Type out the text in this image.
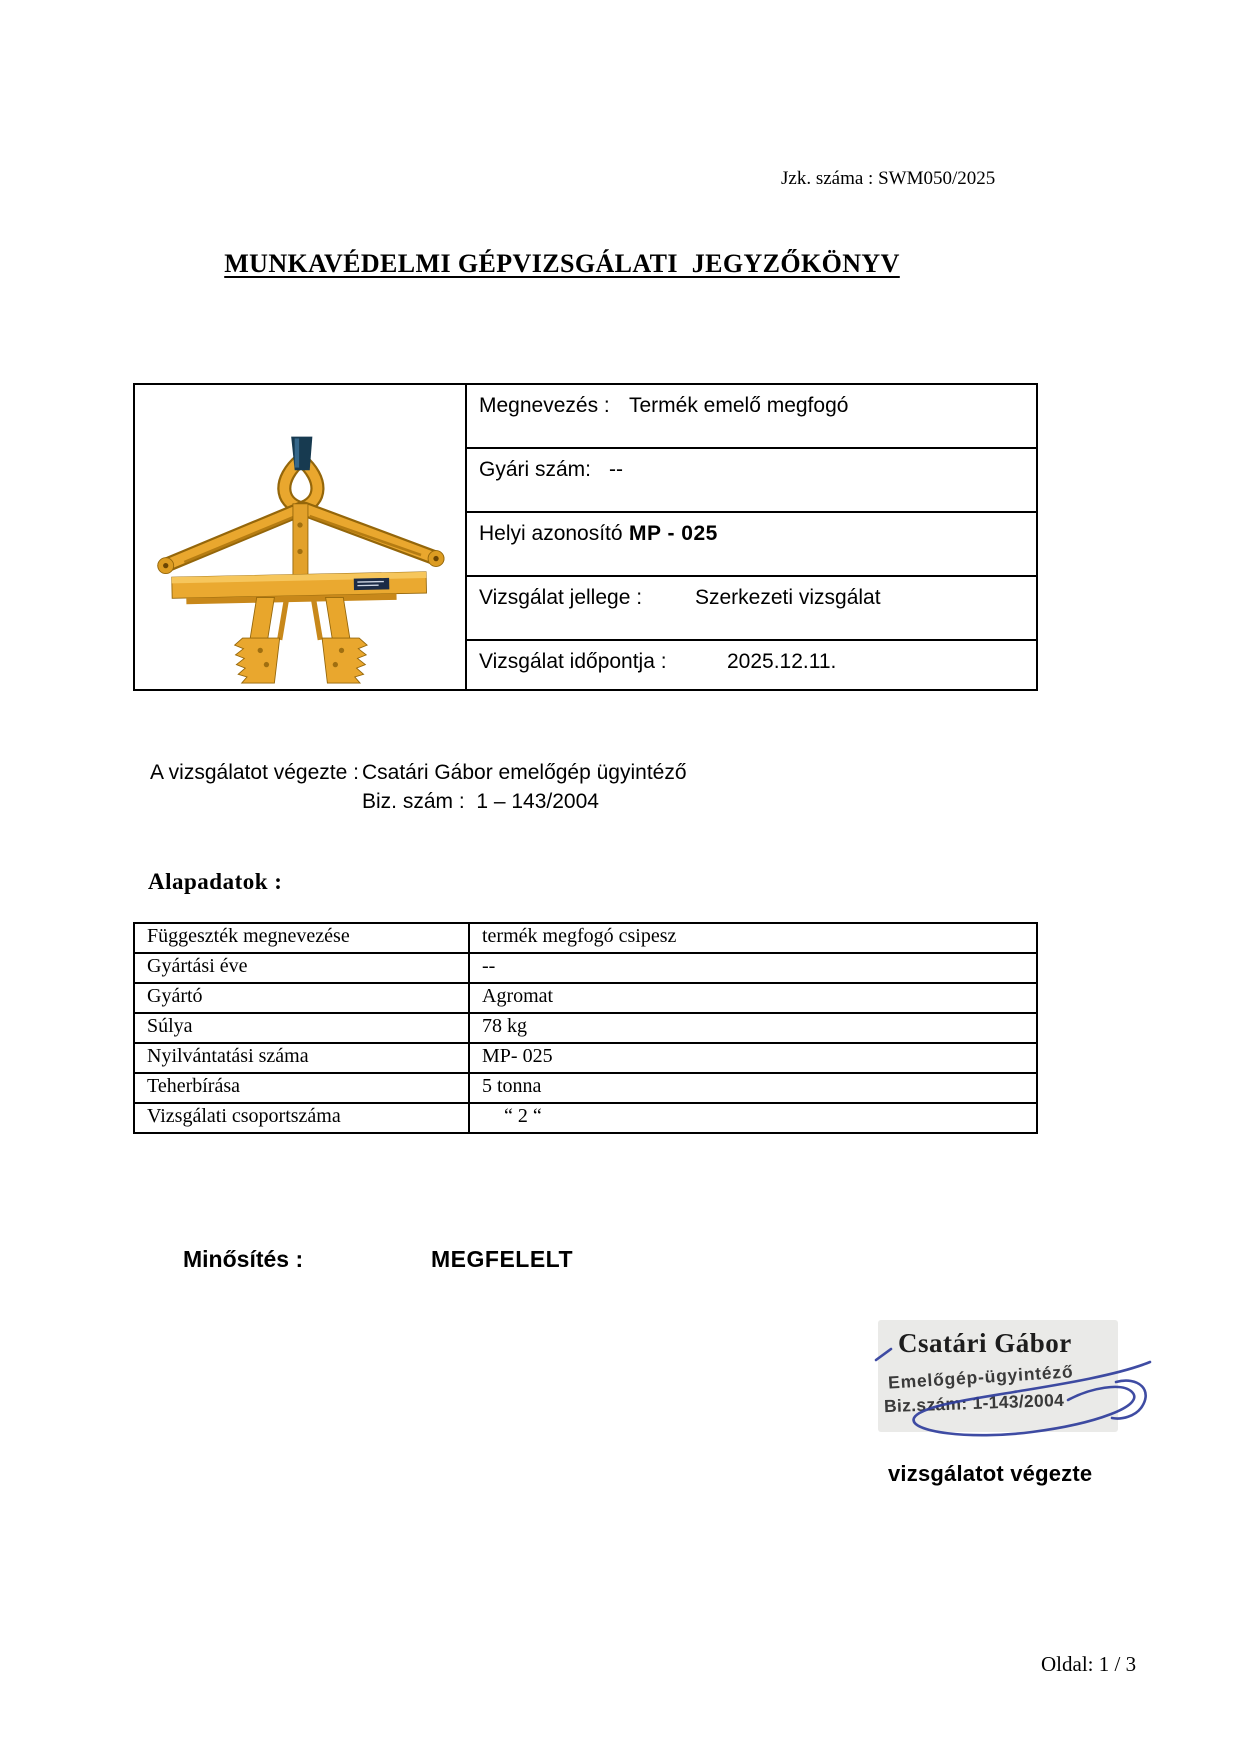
Jzk. száma : SWM050/2025
MUNKAVÉDELMI GÉPVIZSGÁLATI  JEGYZŐKÖNYV
Megnevezés : Termék emelő megfogó
Gyári szám: --
Helyi azonosító :
MP - 025
Vizsgálat jellege :	Szerkezeti vizsgálat
Vizsgálat időpontja :	2025.12.11.
A vizsgálatot végezte : Csatári Gábor emelőgép ügyintéző
Biz. szám :  1 – 143/2004
Alapadatok :
Függeszték megnevezése	termék megfogó csipesz
Gyártási éve	--
Gyártó	Agromat
Súlya	78 kg
Nyilvántatási száma	MP- 025
Teherbírása	5 tonna
Vizsgálati csoportszáma	“ 2 “
Minősítés :	MEGFELELT
Csatári Gábor
Emelőgép-ügyintéző
Biz.szám: 1-143/2004
vizsgálatot végezte
Oldal: 1 / 3
